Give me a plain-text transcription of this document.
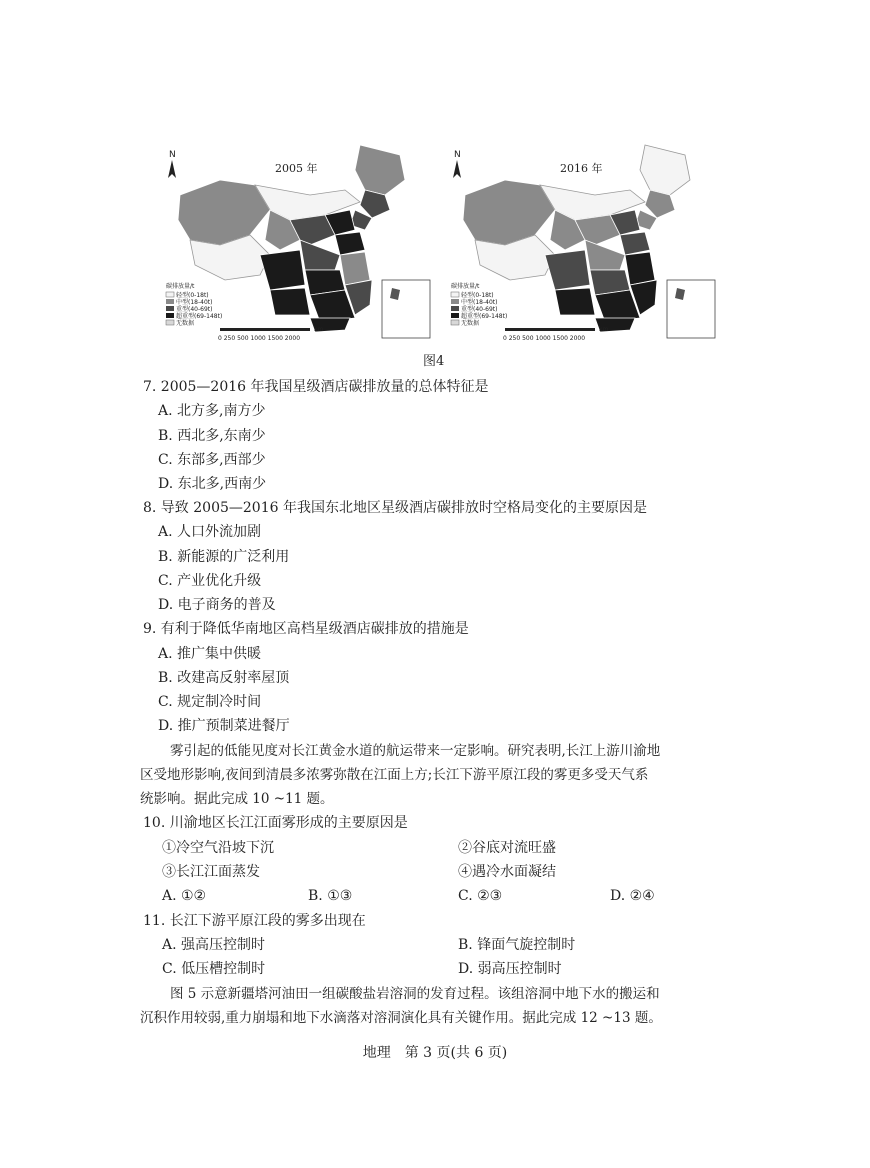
N
2005 年
碳排放量/t
轻型(0-18t)
中型(18-40t)
重型(40-69t)
超重型(69-148t)
无数据
km
0 250 500 1000 1500 2000
N
2016 年
碳排放量/t
轻型(0-18t)
中型(18-40t)
重型(40-69t)
超重型(69-148t)
无数据
km
0 250 500 1000 1500 2000
图4
7. 2005—2016 年我国星级酒店碳排放量的总体特征是
A. 北方多,南方少
B. 西北多,东南少
C. 东部多,西部少
D. 东北多,西南少
8. 导致 2005—2016 年我国东北地区星级酒店碳排放时空格局变化的主要原因是
A. 人口外流加剧
B. 新能源的广泛利用
C. 产业优化升级
D. 电子商务的普及
9. 有利于降低华南地区高档星级酒店碳排放的措施是
A. 推广集中供暖
B. 改建高反射率屋顶
C. 规定制冷时间
D. 推广预制菜进餐厅
雾引起的低能见度对长江黄金水道的航运带来一定影响。研究表明,长江上游川渝地
区受地形影响,夜间到清晨多浓雾弥散在江面上方;长江下游平原江段的雾更多受天气系
统影响。据此完成 10 ~11 题。
10. 川渝地区长江江面雾形成的主要原因是
①冷空气沿坡下沉	②谷底对流旺盛
③长江江面蒸发	④遇冷水面凝结
A. ①②	B. ①③	C. ②③	D. ②④
11. 长江下游平原江段的雾多出现在
A. 强高压控制时	B. 锋面气旋控制时
C. 低压槽控制时	D. 弱高压控制时
图 5 示意新疆塔河油田一组碳酸盐岩溶洞的发育过程。该组溶洞中地下水的搬运和
沉积作用较弱,重力崩塌和地下水滴落对溶洞演化具有关键作用。据此完成 12 ~13 题。
地理　第 3 页(共 6 页)
